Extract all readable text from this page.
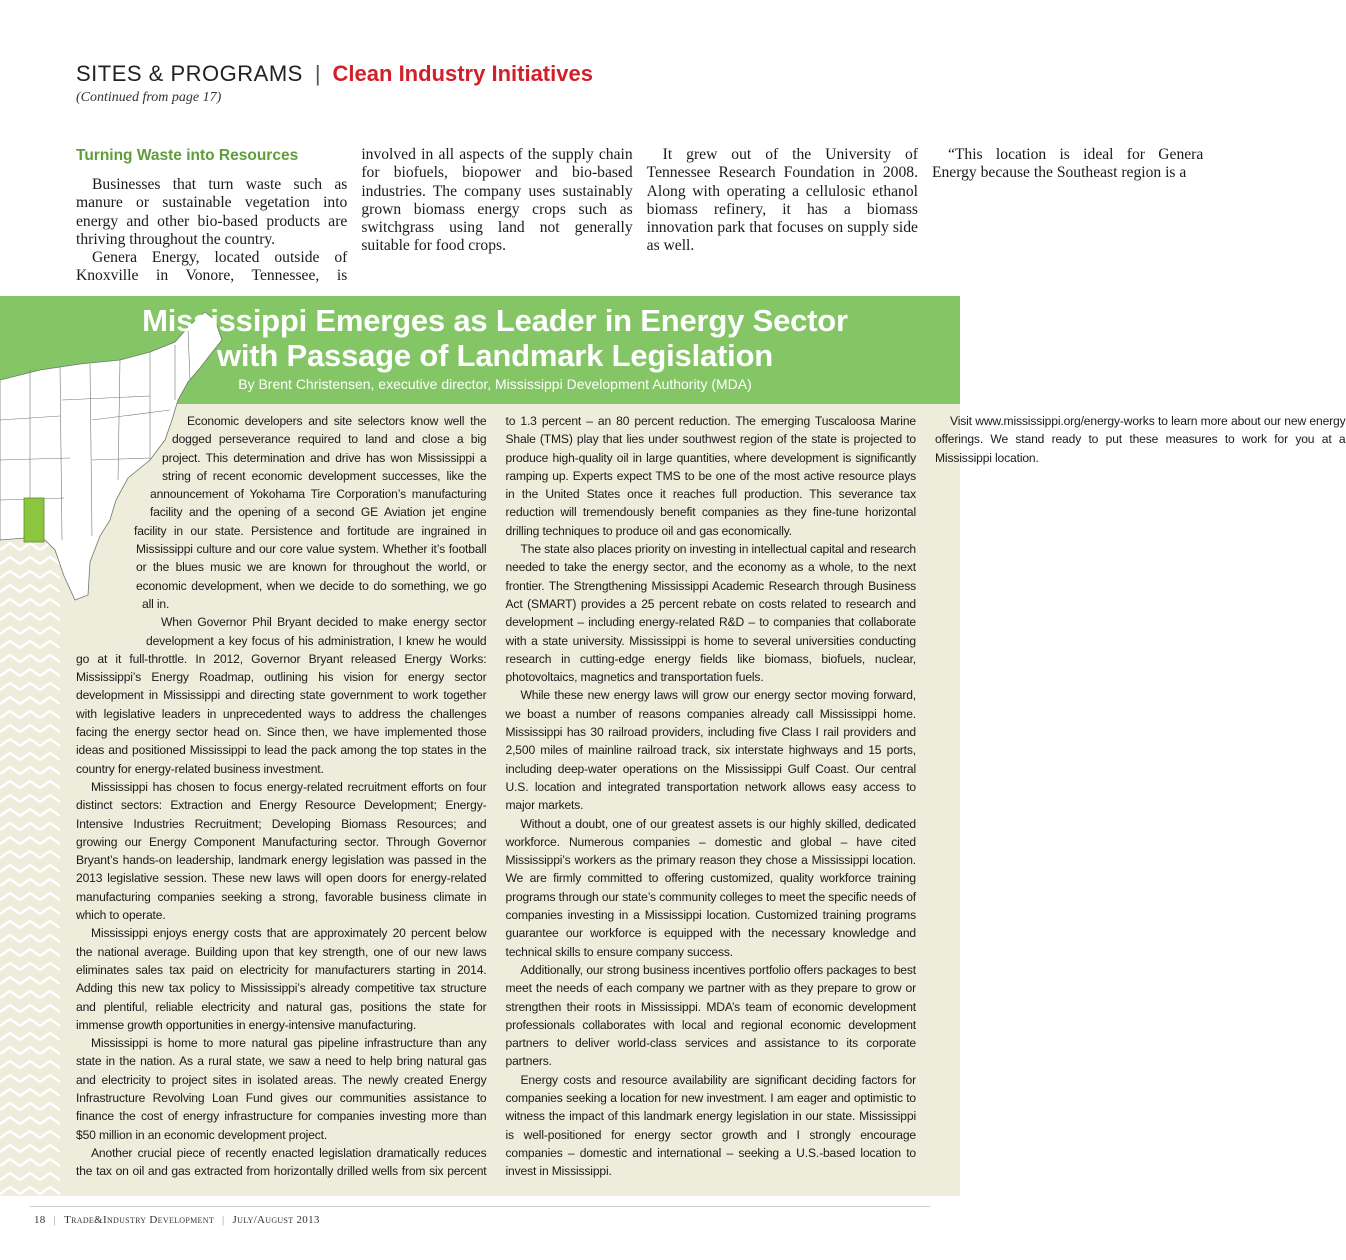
SITES & PROGRAMS | Clean Industry Initiatives
(Continued from page 17)
Turning Waste into Resources

Businesses that turn waste such as manure or sustainable vegetation into energy and other bio-based products are thriving throughout the country.

Genera Energy, located outside of Knoxville in Vonore, Tennessee, is involved in all aspects of the supply chain for biofuels, biopower and bio-based industries. The company uses sustainably grown biomass energy crops such as switchgrass using land not generally suitable for food crops.

It grew out of the University of Tennessee Research Foundation in 2008. Along with operating a cellulosic ethanol biomass refinery, it has a biomass innovation park that focuses on supply side as well.

“This location is ideal for Genera Energy because the Southeast region is a

Mississippi Emerges as Leader in Energy Sector
with Passage of Landmark Legislation
By Brent Christensen, executive director, Mississippi Development Authority (MDA)

Economic developers and site selectors know well the dogged perseverance required to land and close a big project. This determination and drive has won Mississippi a string of recent economic development successes, like the announcement of Yokohama Tire Corporation’s manufacturing facility and the opening of a second GE Aviation jet engine facility in our state. Persistence and fortitude are ingrained in Mississippi culture and our core value system. Whether it’s football or the blues music we are known for throughout the world, or economic development, when we decide to do something, we go all in.

When Governor Phil Bryant decided to make energy sector development a key focus of his administration, I knew he would go at it full-throttle. In 2012, Governor Bryant released Energy Works: Mississippi’s Energy Roadmap, outlining his vision for energy sector development in Mississippi and directing state government to work together with legislative leaders in unprecedented ways to address the challenges facing the energy sector head on. Since then, we have implemented those ideas and positioned Mississippi to lead the pack among the top states in the country for energy-related business investment.

Mississippi has chosen to focus energy-related recruitment efforts on four distinct sectors: Extraction and Energy Resource Development; Energy-Intensive Industries Recruitment; Developing Biomass Resources; and growing our Energy Component Manufacturing sector. Through Governor Bryant’s hands-on leadership, landmark energy legislation was passed in the 2013 legislative session. These new laws will open doors for energy-related manufacturing companies seeking a strong, favorable business climate in which to operate.

Mississippi enjoys energy costs that are approximately 20 percent below the national average. Building upon that key strength, one of our new laws eliminates sales tax paid on electricity for manufacturers starting in 2014. Adding this new tax policy to Mississippi’s already competitive tax structure and plentiful, reliable electricity and natural gas, positions the state for immense growth opportunities in energy-intensive manufacturing.

Mississippi is home to more natural gas pipeline infrastructure than any state in the nation. As a rural state, we saw a need to help bring natural gas and electricity to project sites in isolated areas. The newly created Energy Infrastructure Revolving Loan Fund gives our communities assistance to finance the cost of energy infrastructure for companies investing more than $50 million in an economic development project.

Another crucial piece of recently enacted legislation dramatically reduces the tax on oil and gas extracted from horizontally drilled wells from six percent to 1.3 percent – an 80 percent reduction. The emerging Tuscaloosa Marine Shale (TMS) play that lies under southwest region of the state is projected to produce high-quality oil in large quantities, where development is significantly ramping up. Experts expect TMS to be one of the most active resource plays in the United States once it reaches full production. This severance tax reduction will tremendously benefit companies as they fine-tune horizontal drilling techniques to produce oil and gas economically.

The state also places priority on investing in intellectual capital and research needed to take the energy sector, and the economy as a whole, to the next frontier. The Strengthening Mississippi Academic Research through Business Act (SMART) provides a 25 percent rebate on costs related to research and development – including energy-related R&D – to companies that collaborate with a state university. Mississippi is home to several universities conducting research in cutting-edge energy fields like biomass, biofuels, nuclear, photovoltaics, magnetics and transportation fuels.

While these new energy laws will grow our energy sector moving forward, we boast a number of reasons companies already call Mississippi home. Mississippi has 30 railroad providers, including five Class I rail providers and 2,500 miles of mainline railroad track, six interstate highways and 15 ports, including deep-water operations on the Mississippi Gulf Coast. Our central U.S. location and integrated transportation network allows easy access to major markets.

Without a doubt, one of our greatest assets is our highly skilled, dedicated workforce. Numerous companies – domestic and global – have cited Mississippi’s workers as the primary reason they chose a Mississippi location. We are firmly committed to offering customized, quality workforce training programs through our state’s community colleges to meet the specific needs of companies investing in a Mississippi location. Customized training programs guarantee our workforce is equipped with the necessary knowledge and technical skills to ensure company success.

Additionally, our strong business incentives portfolio offers packages to best meet the needs of each company we partner with as they prepare to grow or strengthen their roots in Mississippi. MDA’s team of economic development professionals collaborates with local and regional economic development partners to deliver world-class services and assistance to its corporate partners.

Energy costs and resource availability are significant deciding factors for companies seeking a location for new investment. I am eager and optimistic to witness the impact of this landmark energy legislation in our state. Mississippi is well-positioned for energy sector growth and I strongly encourage companies – domestic and international – seeking a U.S.-based location to invest in Mississippi.

Visit www.mississippi.org/energy-works to learn more about our new energy offerings. We stand ready to put these measures to work for you at a Mississippi location.

18 | Trade&Industry Development | July/August 2013
